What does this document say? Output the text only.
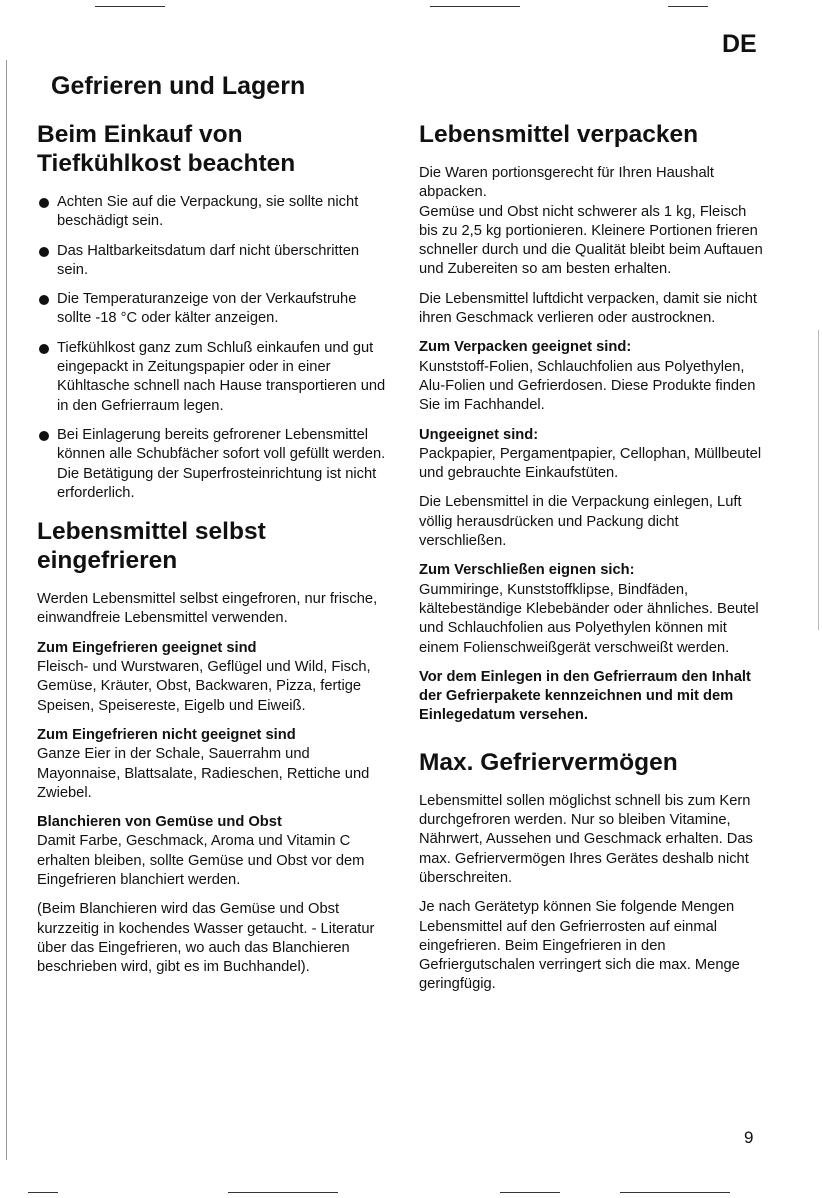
DE
Gefrieren und Lagern
Beim Einkauf von Tiefkühlkost beachten
Achten Sie auf die Verpackung, sie sollte nicht beschädigt sein.
Das Haltbarkeitsdatum darf nicht überschritten sein.
Die Temperaturanzeige von der Verkaufstruhe sollte -18 °C oder kälter anzeigen.
Tiefkühlkost ganz zum Schluß einkaufen und gut eingepackt in Zeitungspapier oder in einer Kühltasche schnell nach Hause transportieren und in den Gefrierraum legen.
Bei Einlagerung bereits gefrorener Lebensmittel können alle Schubfächer sofort voll gefüllt werden. Die Betätigung der Superfrosteinrichtung ist nicht erforderlich.
Lebensmittel selbst eingefrieren

Werden Lebensmittel selbst eingefroren, nur frische, einwandfreie Lebensmittel verwenden.

Zum Eingefrieren geeignet sind

Fleisch- und Wurstwaren, Geflügel und Wild, Fisch, Gemüse, Kräuter, Obst, Backwaren, Pizza, fertige Speisen, Speisereste, Eigelb und Eiweiß.

Zum Eingefrieren nicht geeignet sind

Ganze Eier in der Schale, Sauerrahm und Mayonnaise, Blattsalate, Radieschen, Rettiche und Zwiebel.

Blanchieren von Gemüse und Obst

Damit Farbe, Geschmack, Aroma und Vitamin C erhalten bleiben, sollte Gemüse und Obst vor dem Eingefrieren blanchiert werden.

(Beim Blanchieren wird das Gemüse und Obst kurzzeitig in kochendes Wasser getaucht. - Literatur über das Eingefrieren, wo auch das Blanchieren beschrieben wird, gibt es im Buchhandel).

Lebensmittel verpacken

Die Waren portionsgerecht für Ihren Haushalt abpacken.

Gemüse und Obst nicht schwerer als 1 kg, Fleisch bis zu 2,5 kg portionieren. Kleinere Portionen frieren schneller durch und die Qualität bleibt beim Auftauen und Zubereiten so am besten erhalten.

Die Lebensmittel luftdicht verpacken, damit sie nicht ihren Geschmack verlieren oder austrocknen.

Zum Verpacken geeignet sind:

Kunststoff-Folien, Schlauchfolien aus Polyethylen, Alu-Folien und Gefrierdosen. Diese Produkte finden Sie im Fachhandel.

Ungeeignet sind:

Packpapier, Pergamentpapier, Cellophan, Müllbeutel und gebrauchte Einkaufstüten.

Die Lebensmittel in die Verpackung einlegen, Luft völlig herausdrücken und Packung dicht verschließen.

Zum Verschließen eignen sich:

Gummiringe, Kunststoffklipse, Bindfäden, kältebeständige Klebebänder oder ähnliches. Beutel und Schlauchfolien aus Polyethylen können mit einem Folienschweißgerät verschweißt werden.

Vor dem Einlegen in den Gefrierraum den Inhalt der Gefrierpakete kennzeichnen und mit dem Einlegedatum versehen.

Max. Gefriervermögen

Lebensmittel sollen möglichst schnell bis zum Kern durchgefroren werden. Nur so bleiben Vitamine, Nährwert, Aussehen und Geschmack erhalten. Das max. Gefriervermögen Ihres Gerätes deshalb nicht überschreiten.

Je nach Gerätetyp können Sie folgende Mengen Lebensmittel auf den Gefrierrosten auf einmal eingefrieren. Beim Eingefrieren in den Gefriergutschalen verringert sich die max. Menge geringfügig.

9
